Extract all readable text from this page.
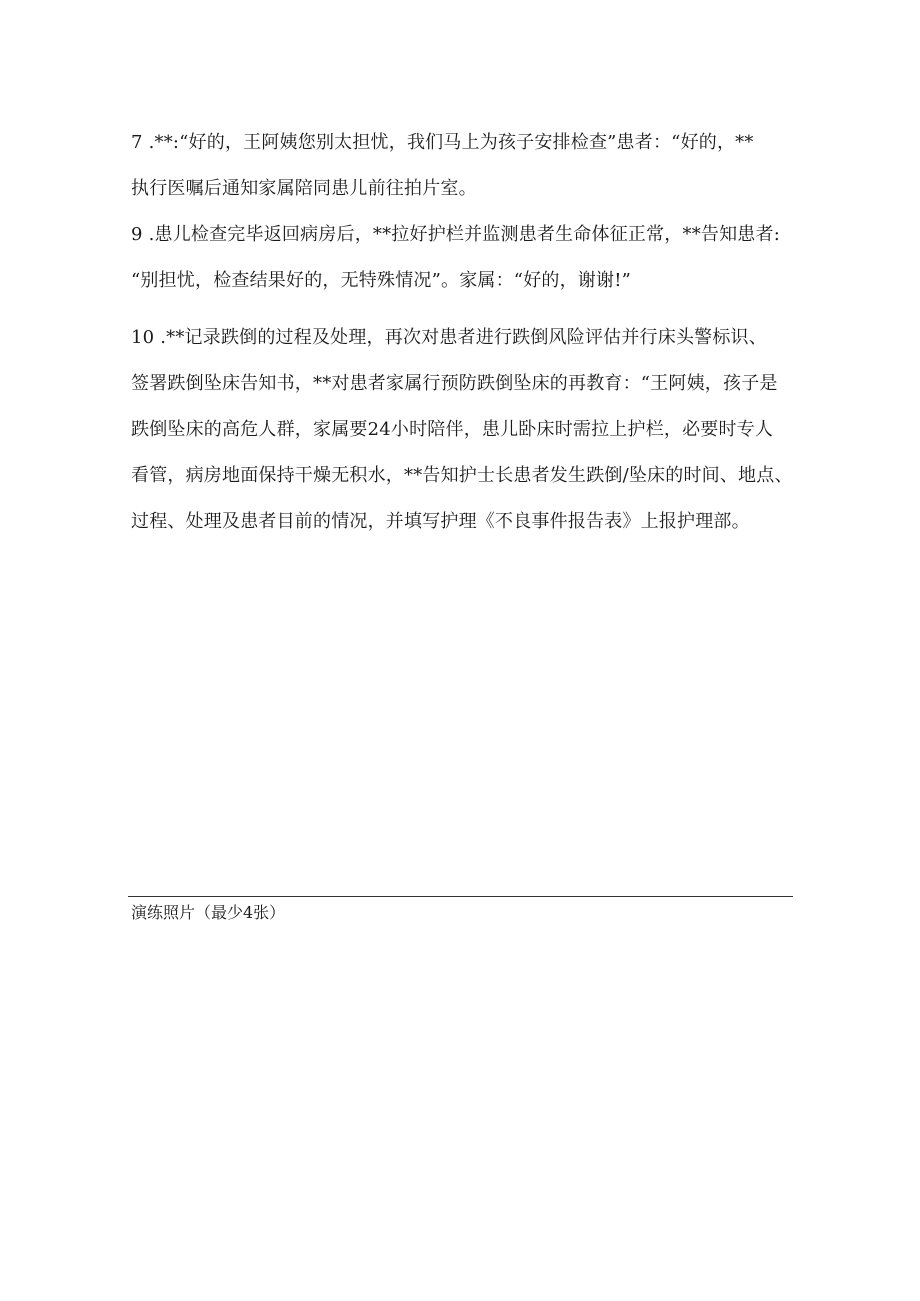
7 .**:“好的，王阿姨您别太担忧，我们马上为孩子安排检查”患者：“好的，**
执行医嘱后通知家属陪同患儿前往拍片室。

9 .患儿检查完毕返回病房后，**拉好护栏并监测患者生命体征正常，**告知患者:
“别担忧，检查结果好的，无特殊情况”。家属：“好的，谢谢!”

10 .**记录跌倒的过程及处理，再次对患者进行跌倒风险评估并行床头警标识、
签署跌倒坠床告知书，**对患者家属行预防跌倒坠床的再教育：“王阿姨，孩子是
跌倒坠床的高危人群，家属要24小时陪伴，患儿卧床时需拉上护栏，必要时专人
看管，病房地面保持干燥无积水，**告知护士长患者发生跌倒/坠床的时间、地点、
过程、处理及患者目前的情况，并填写护理《不良事件报告表》上报护理部。

演练照片（最少4张）
